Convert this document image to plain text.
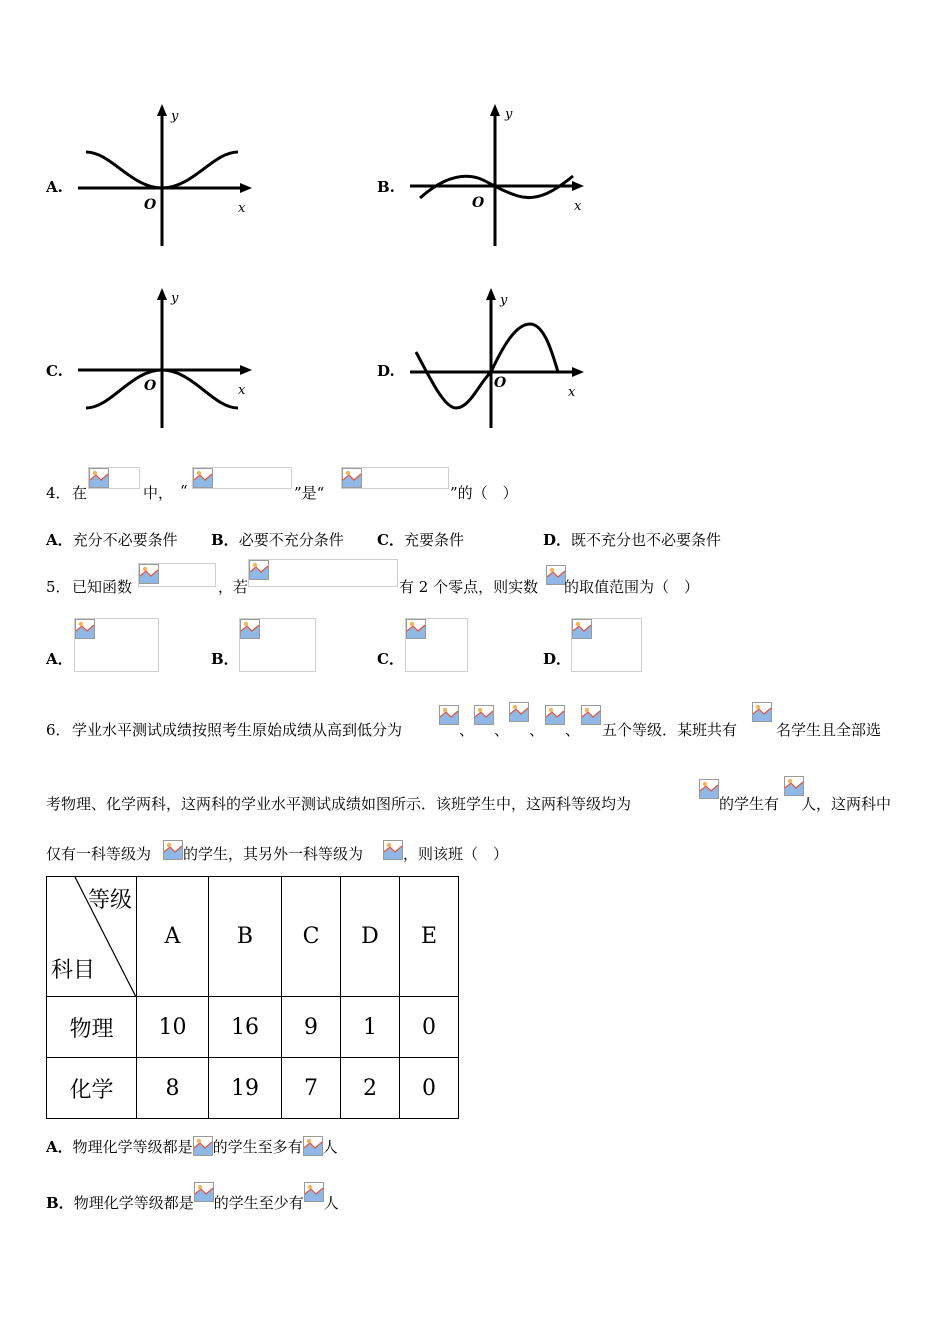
A.
y
x
O
B.
y
x
O
C.
y
x
O
D.
y
x
O
4． 在	中， “	”是“	”的（　）
A．充分不必要条件 B．必要不充分条件 C．充要条件	D．既不充分也不必要条件
5． 已知函数	，若	有 2 个零点，则实数 的取值范围为（　）
A．	B．	C．	D．
6． 学业水平测试成绩按照考生原始成绩从高到低分为	、 、 、 、 五个等级．某班共有	名学生且全部选
考物理、化学两科，这两科的学业水平测试成绩如图所示．该班学生中，这两科等级均为	的学生有 人，这两科中
仅有一科等级为 的学生，其另外一科等级为	，则该班（　）
等级
科目	A	B	C	D	E
物理	10	16	9	1	0
化学	8	19	7	2	0
A．物理化学等级都是 的学生至多有 人
B．物理化学等级都是 的学生至少有 人
